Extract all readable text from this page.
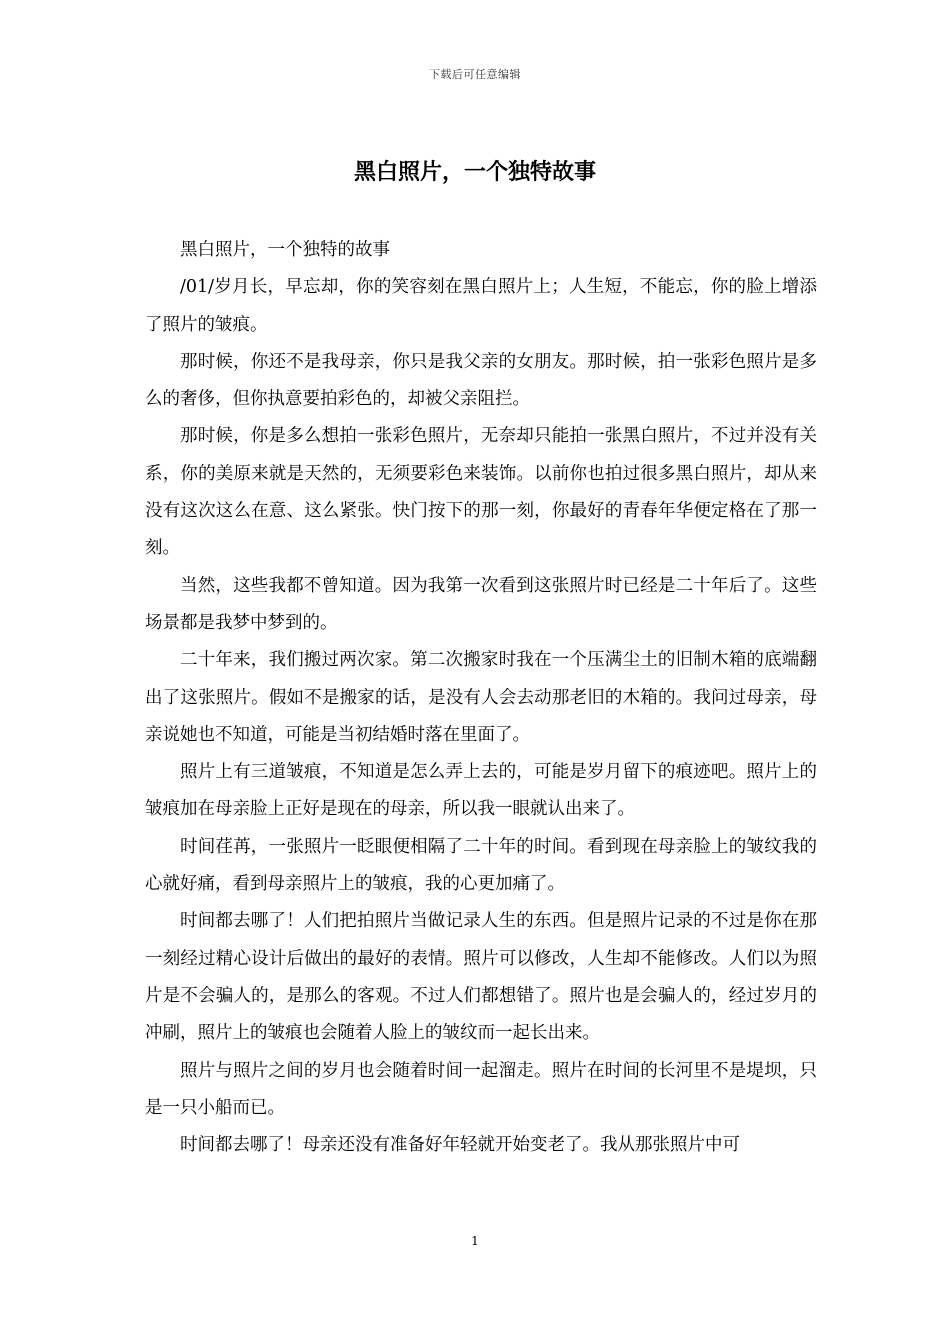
下载后可任意编辑
黑白照片，一个独特故事

黑白照片，一个独特的故事

/01/岁月长，早忘却，你的笑容刻在黑白照片上；人生短，不能忘，你的脸上增添了照片的皱痕。

那时候，你还不是我母亲，你只是我父亲的女朋友。那时候，拍一张彩色照片是多么的奢侈，但你执意要拍彩色的，却被父亲阻拦。

那时候，你是多么想拍一张彩色照片，无奈却只能拍一张黑白照片，不过并没有关系，你的美原来就是天然的，无须要彩色来装饰。以前你也拍过很多黑白照片，却从来没有这次这么在意、这么紧张。快门按下的那一刻，你最好的青春年华便定格在了那一刻。

当然，这些我都不曾知道。因为我第一次看到这张照片时已经是二十年后了。这些场景都是我梦中梦到的。

二十年来，我们搬过两次家。第二次搬家时我在一个压满尘土的旧制木箱的底端翻出了这张照片。假如不是搬家的话，是没有人会去动那老旧的木箱的。我问过母亲，母亲说她也不知道，可能是当初结婚时落在里面了。

照片上有三道皱痕，不知道是怎么弄上去的，可能是岁月留下的痕迹吧。照片上的皱痕加在母亲脸上正好是现在的母亲，所以我一眼就认出来了。

时间荏苒，一张照片一眨眼便相隔了二十年的时间。看到现在母亲脸上的皱纹我的心就好痛，看到母亲照片上的皱痕，我的心更加痛了。

时间都去哪了！人们把拍照片当做记录人生的东西。但是照片记录的不过是你在那一刻经过精心设计后做出的最好的表情。照片可以修改，人生却不能修改。人们以为照片是不会骗人的，是那么的客观。不过人们都想错了。照片也是会骗人的，经过岁月的冲刷，照片上的皱痕也会随着人脸上的皱纹而一起长出来。

照片与照片之间的岁月也会随着时间一起溜走。照片在时间的长河里不是堤坝，只是一只小船而已。

时间都去哪了！母亲还没有准备好年轻就开始变老了。我从那张照片中可

1
